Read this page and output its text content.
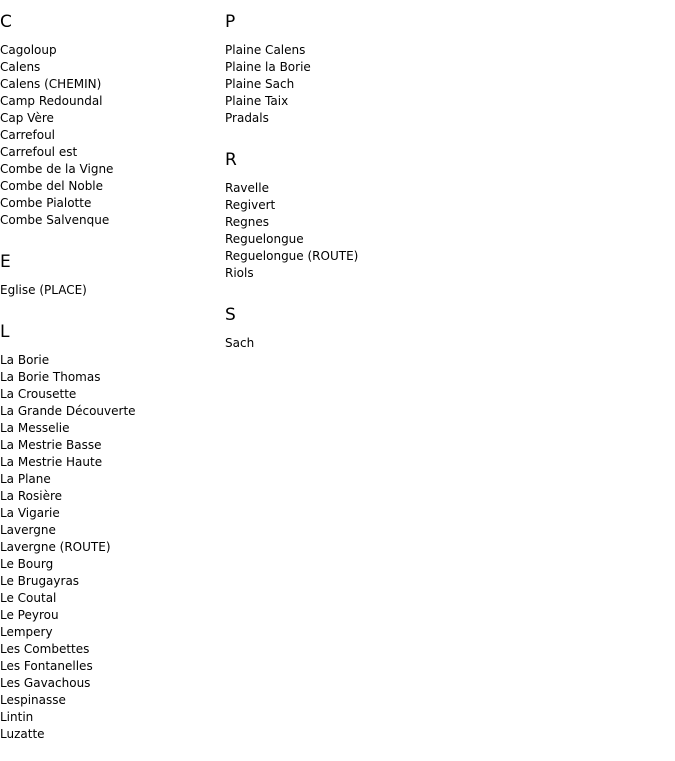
C
Cagoloup
Calens
Calens (CHEMIN)
Camp Redoundal
Cap Vère
Carrefoul
Carrefoul est
Combe de la Vigne
Combe del Noble
Combe Pialotte
Combe Salvenque
E
Eglise (PLACE)
L
La Borie
La Borie Thomas
La Crousette
La Grande Découverte
La Messelie
La Mestrie Basse
La Mestrie Haute
La Plane
La Rosière
La Vigarie
Lavergne
Lavergne (ROUTE)
Le Bourg
Le Brugayras
Le Coutal
Le Peyrou
Lempery
Les Combettes
Les Fontanelles
Les Gavachous
Lespinasse
Lintin
Luzatte
P
Plaine Calens
Plaine la Borie
Plaine Sach
Plaine Taix
Pradals
R
Ravelle
Regivert
Regnes
Reguelongue
Reguelongue (ROUTE)
Riols
S
Sach
